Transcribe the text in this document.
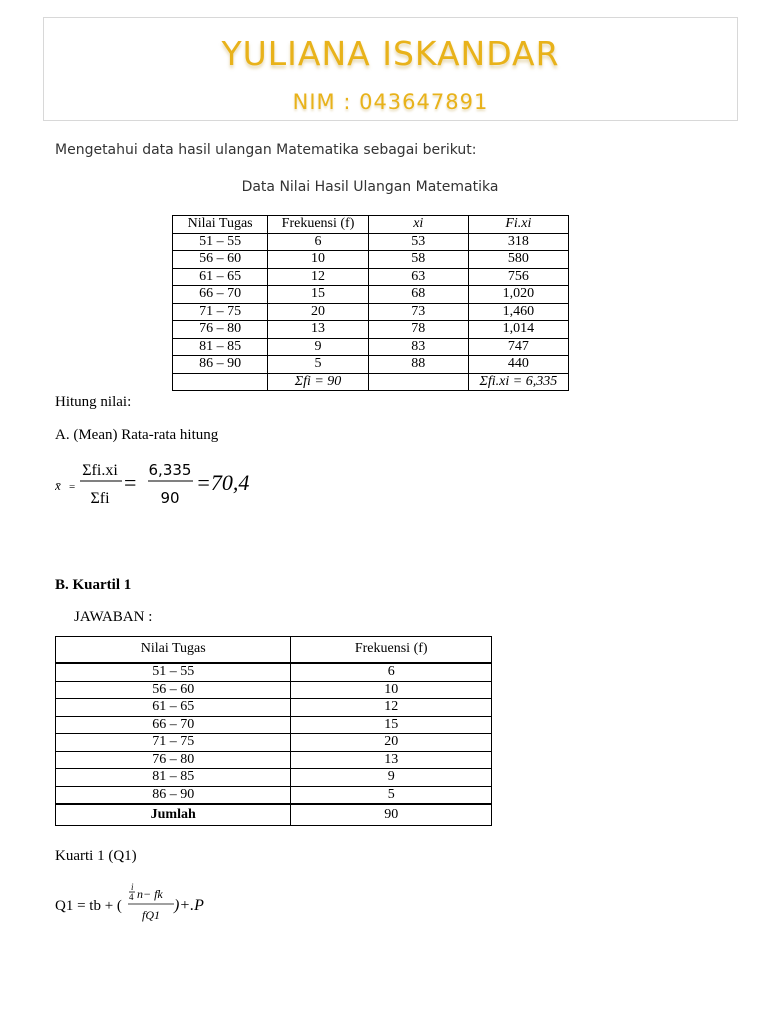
YULIANA ISKANDAR
NIM : 043647891
Mengetahui data hasil ulangan Matematika sebagai berikut:
Data Nilai Hasil Ulangan Matematika
Nilai Tugas	Frekuensi (f)	xi	Fi.xi
51 – 55	6	53	318
56 – 60	10	58	580
61 – 65	12	63	756
66 – 70	15	68	1,020
71 – 75	20	73	1,460
76 – 80	13	78	1,014
81 – 85	9	83	747
86 – 90	5	88	440
	Σfi = 90		Σfi.xi = 6,335
Hitung nilai:
A. (Mean) Rata-rata hitung
x̄ =
Σfi.xi
Σfi
= 6,335
90
=70,4
B. Kuartil 1
JAWABAN :
Nilai Tugas	Frekuensi (f)
51 – 55	6
56 – 60	10
61 – 65	12
66 – 70	15
71 – 75	20
76 – 80	13
81 – 85	9
86 – 90	5
Jumlah	90
Kuarti 1 (Q1)
Q1 = tb + (
i
4 n− fk
fQ1
)+.P
